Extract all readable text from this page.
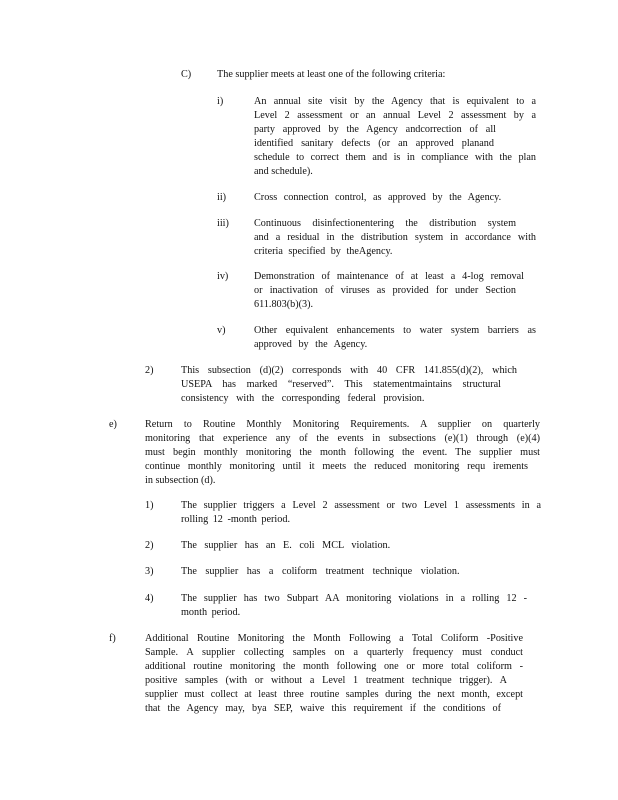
C)	The supplier meets at least one of the following criteria:
i)	An annual site visit by the Agency that is equivalent to a
Level 2 assessment or an annual Level 2 assessment by a
party approved by the Agency andcorrection of all
identified sanitary defects (or an approved planand
schedule to correct them and is in compliance with the plan
and schedule).
ii)	Cross connection control, as approved by the Agency.
iii) Continuous disinfectionentering the distribution system
and a residual in the distribution system in accordance with
criteria specified by theAgency.
iv)	Demonstration of maintenance of at least a 4-log removal
or inactivation of viruses as provided for under Section
611.803(b)(3).
v)	Other equivalent enhancements to water system barriers as
approved by the Agency.
2)	This subsection (d)(2) corresponds with 40 CFR 141.855(d)(2), which
USEPA has marked “reserved”. This statementmaintains structural
consistency with the corresponding federal provision.
e)	Return to Routine Monthly Monitoring Requirements. A supplier on quarterly
monitoring that experience any of the events in subsections (e)(1) through (e)(4)
must begin monthly monitoring the month following the event. The supplier must
continue monthly monitoring until it meets the reduced monitoring requ irements
in subsection (d).
1)	The supplier triggers a Level 2 assessment or two Level 1 assessments in a
rolling 12 -month period.
2)	The supplier has an E. coli MCL violation.
3)	The supplier has a coliform treatment technique violation.
4)	The supplier has two Subpart AA monitoring violations in a rolling 12 -
month period.
f)	Additional Routine Monitoring the Month Following a Total Coliform -Positive
Sample. A supplier collecting samples on a quarterly frequency must conduct
additional routine monitoring the month following one or more total coliform -
positive samples (with or without a Level 1 treatment technique trigger). A
supplier must collect at least three routine samples during the next month, except
that the Agency may, bya SEP, waive this requirement if the conditions of
